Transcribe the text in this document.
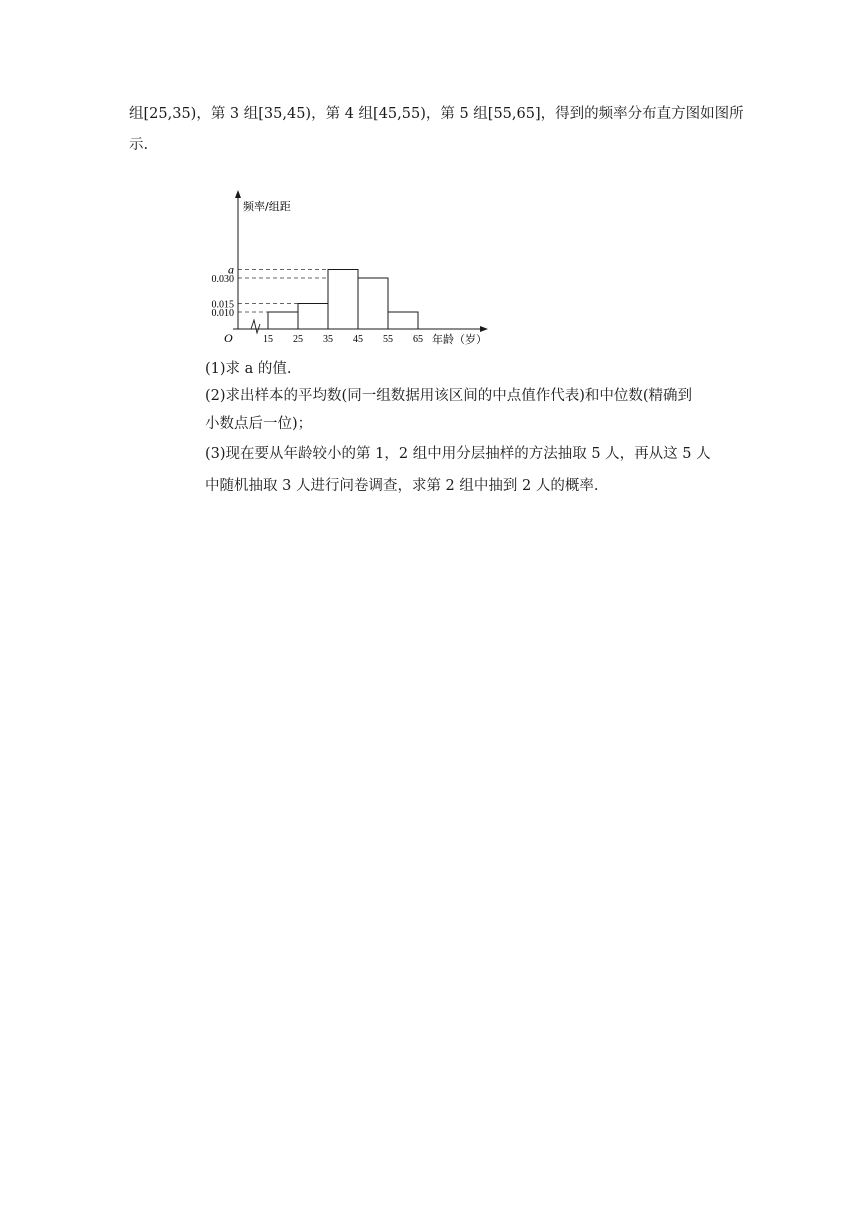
组[25,35)，第 3 组[35,45)，第 4 组[45,55)，第 5 组[55,65]，得到的频率分布直方图如图所
示.
频率/组距
年龄（岁）
O	15 25 35 45 55 65
a
0.030
0.015
0.010
(1)求 a 的值.
(2)求出样本的平均数(同一组数据用该区间的中点值作代表)和中位数(精确到
小数点后一位)；
(3)现在要从年龄较小的第 1，2 组中用分层抽样的方法抽取 5 人，再从这 5 人
中随机抽取 3 人进行问卷调查，求第 2 组中抽到 2 人的概率.
